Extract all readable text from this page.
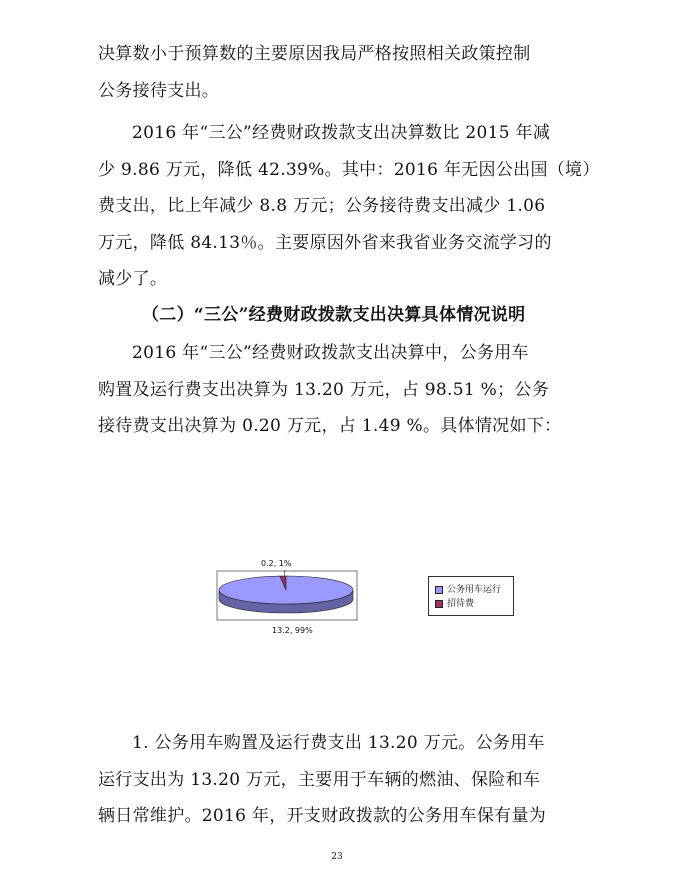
决算数小于预算数的主要原因我局严格按照相关政策控制
公务接待支出。
2016 年“三公”经费财政拨款支出决算数比 2015 年减
少 9.86 万元，降低 42.39%。其中：2016 年无因公出国（境）
费支出，比上年减少 8.8 万元；公务接待费支出减少 1.06
万元，降低 84.13％。主要原因外省来我省业务交流学习的
减少了。
（二）“三公”经费财政拨款支出决算具体情况说明
2016 年“三公”经费财政拨款支出决算中，公务用车
购置及运行费支出决算为 13.20 万元，占 98.51 %；公务
接待费支出决算为 0.20 万元，占 1.49 %。具体情况如下：
0.2, 1%
13.2, 99%
公务用车运行
招待费
1. 公务用车购置及运行费支出 13.20 万元。公务用车
运行支出为 13.20 万元，主要用于车辆的燃油、保险和车
辆日常维护。2016 年，开支财政拨款的公务用车保有量为
23
